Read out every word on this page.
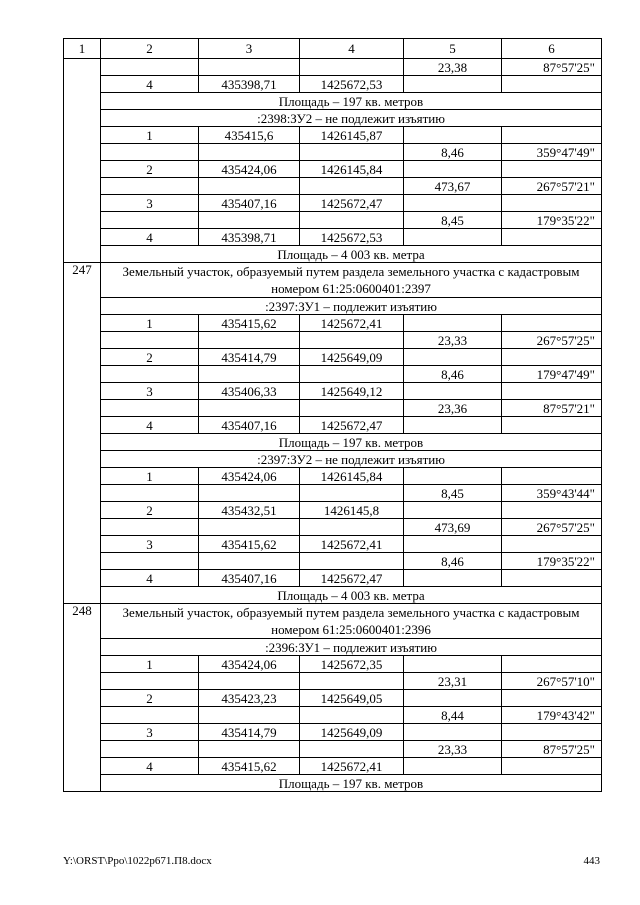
1	2	3	4	5	6
				23,38	87°57'25"
	4	435398,71	1425672,53		
	Площадь – 197 кв. метров				
	:2398:ЗУ2 – не подлежит изъятию				
	1	435415,6	1426145,87		
				8,46	359°47'49"
	2	435424,06	1426145,84		
				473,67	267°57'21"
	3	435407,16	1425672,47		
				8,45	179°35'22"
	4	435398,71	1425672,53		
	Площадь – 4 003 кв. метра				
247	Земельный участок, образуемый путем раздела земельного участка с кадастровым номером 61:25:0600401:2397				

	:2397:ЗУ1 – подлежит изъятию				
	1	435415,62	1425672,41		
				23,33	267°57'25"
	2	435414,79	1425649,09		
				8,46	179°47'49"
	3	435406,33	1425649,12		
				23,36	87°57'21"
	4	435407,16	1425672,47		
	Площадь – 197 кв. метров				
	:2397:ЗУ2 – не подлежит изъятию				
	1	435424,06	1426145,84		
				8,45	359°43'44"
	2	435432,51	1426145,8		
				473,69	267°57'25"
	3	435415,62	1425672,41		
				8,46	179°35'22"
	4	435407,16	1425672,47		
	Площадь – 4 003 кв. метра				
248	Земельный участок, образуемый путем раздела земельного участка с кадастровым номером 61:25:0600401:2396				

	:2396:ЗУ1 – подлежит изъятию				
	1	435424,06	1425672,35		
				23,31	267°57'10"
	2	435423,23	1425649,05		
				8,44	179°43'42"
	3	435414,79	1425649,09		
				23,33	87°57'25"
	4	435415,62	1425672,41		
	Площадь – 197 кв. метров				
Y:\ORST\Ppo\1022p671.П8.docx	443
